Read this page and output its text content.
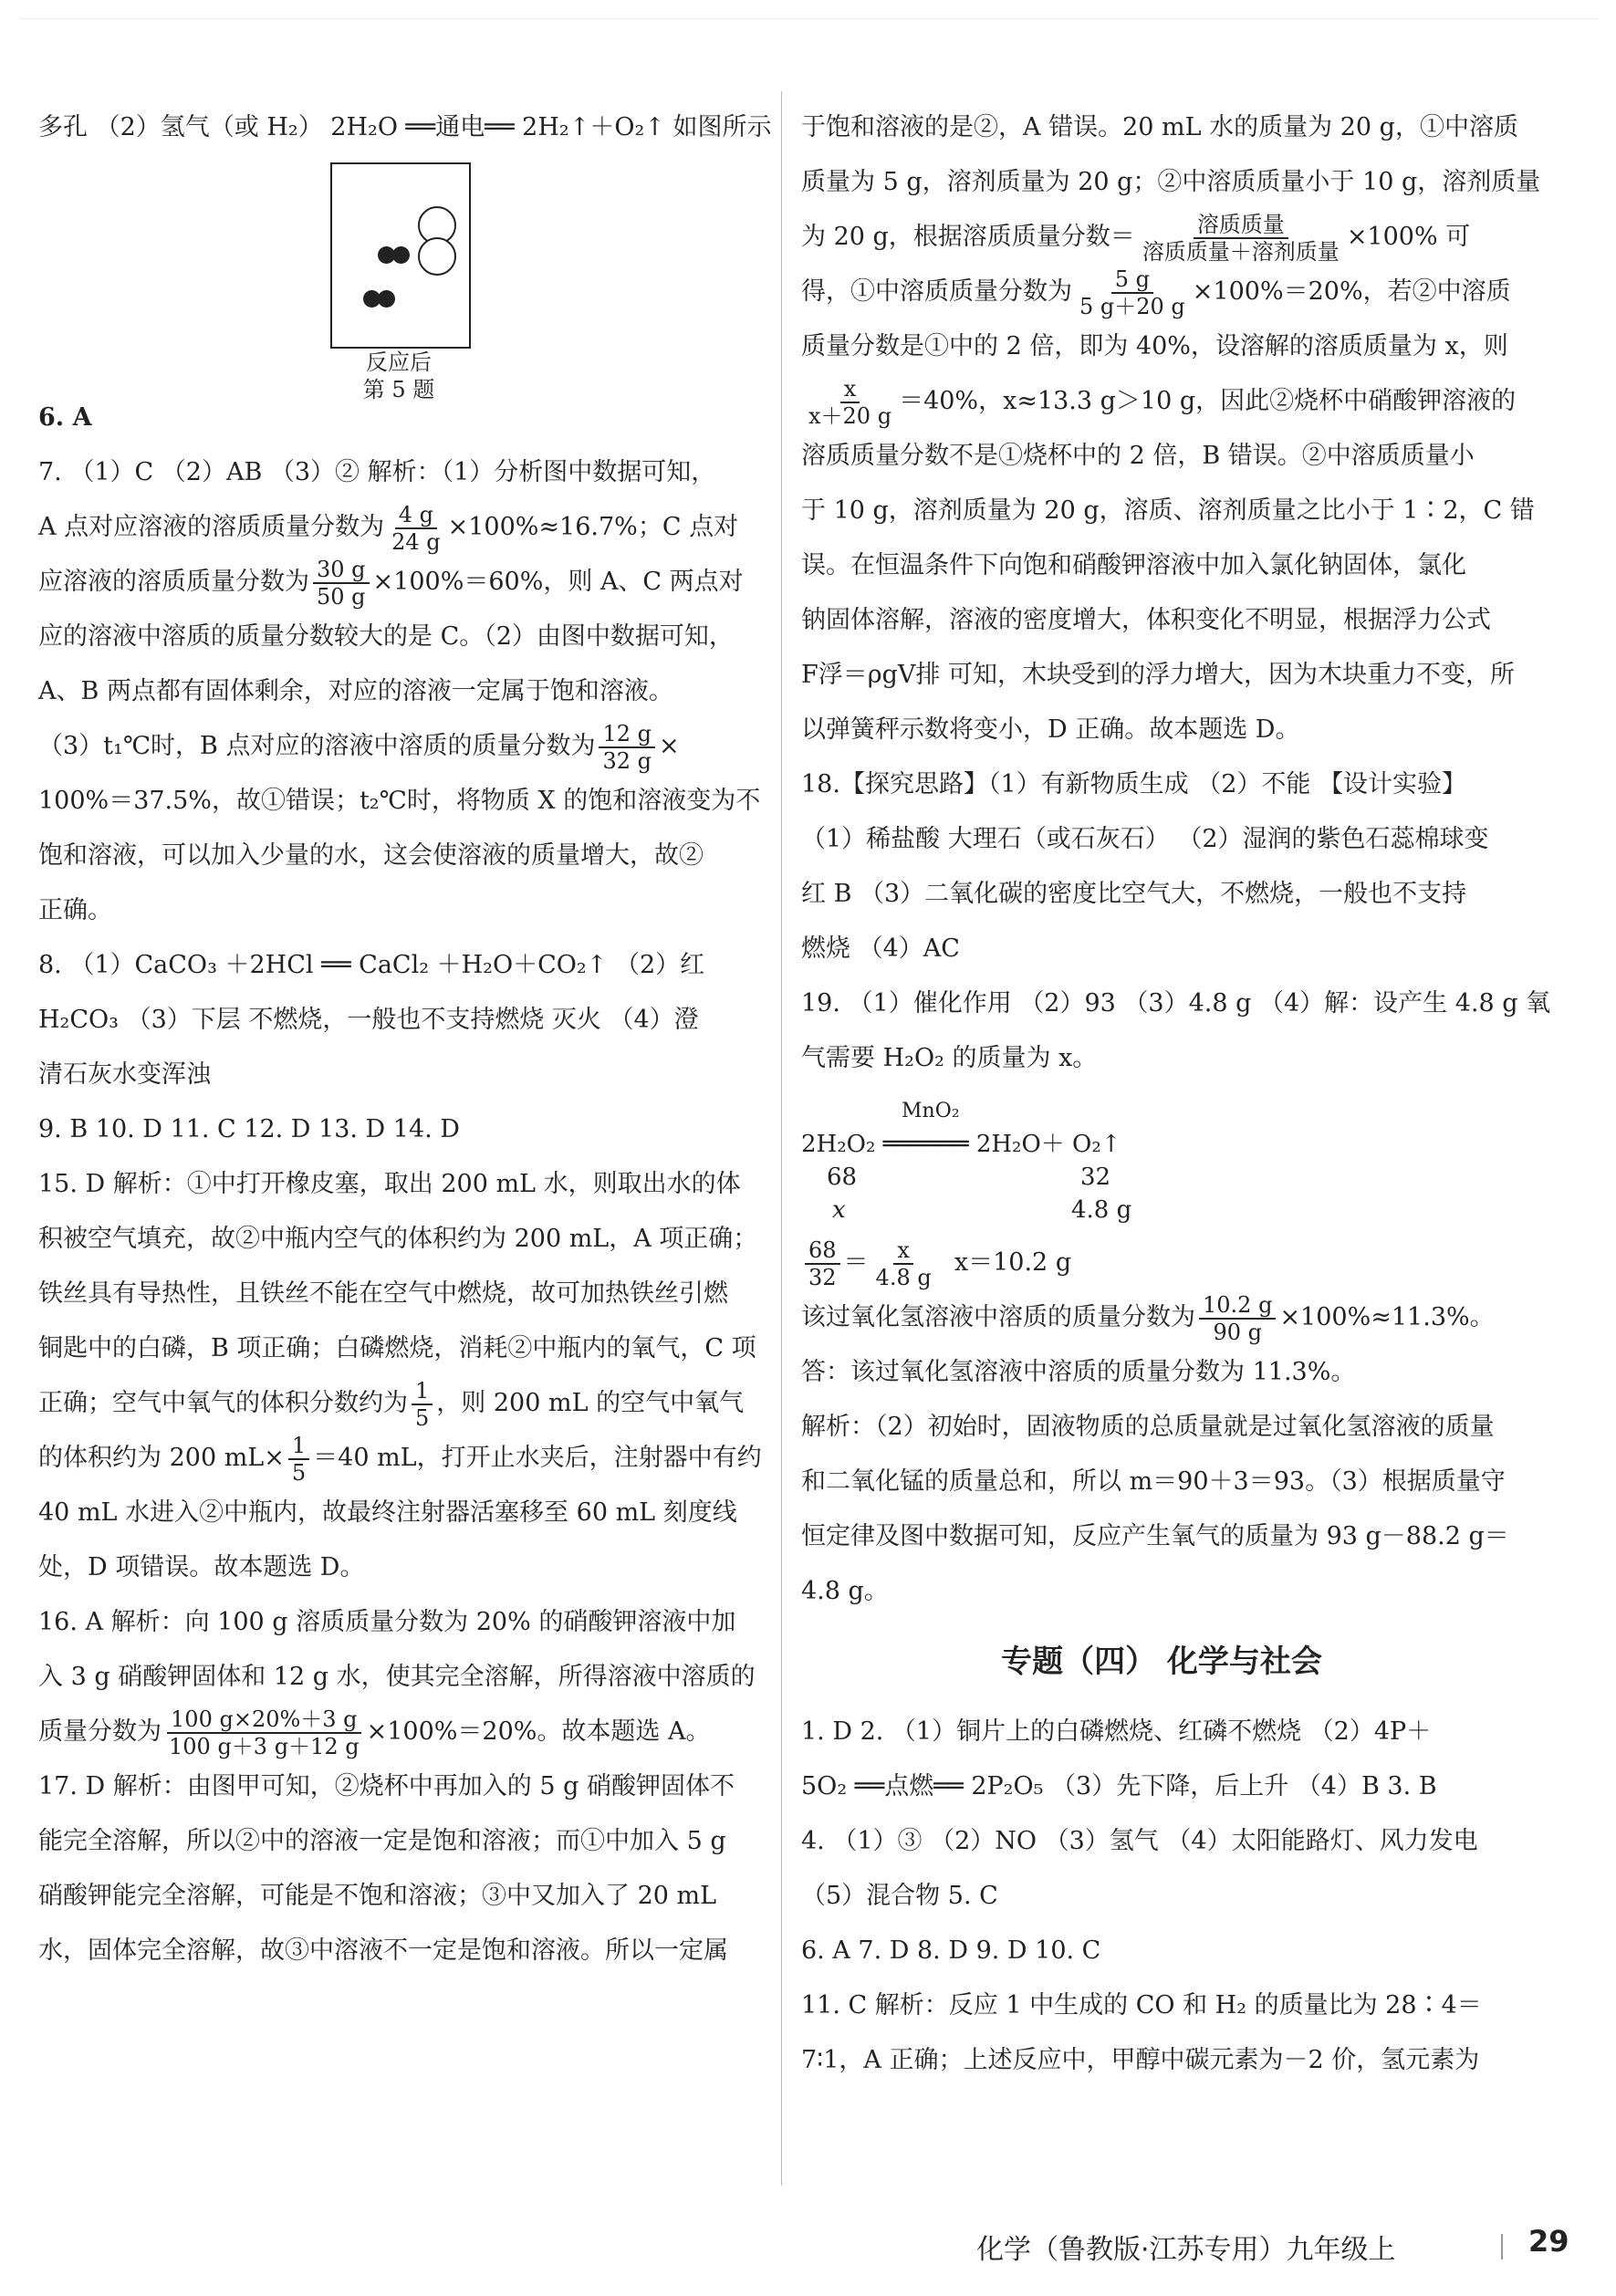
多孔 （2）氢气（或 H₂） 2H₂O ══通电══ 2H₂↑＋O₂↑ 如图所示

反应后
第 5 题

6. A

7. （1）C （2）AB （3）② 解析：（1）分析图中数据可知，

A 点对应溶液的溶质质量分数为 $\frac{4 g}{24 g} \times 100\%\approx 16.7\%$；C 点对

应溶液的溶质质量分数为 $\frac{30 g}{50 g} \times 100\%=60\%$，则 A、C 两点对

应的溶液中溶质的质量分数较大的是 C。（2）由图中数据可知，

A、B 两点都有固体剩余，对应的溶液一定属于饱和溶液。

（3）t₁℃时，B 点对应的溶液中溶质的质量分数为 $\frac{12 g}{32 g}$ ×

100%＝37.5%，故①错误；t₂℃时，将物质 X 的饱和溶液变为不

饱和溶液，可以加入少量的水，这会使溶液的质量增大，故②

正确。

8. （1）CaCO₃ ＋2HCl ══ CaCl₂ ＋H₂O＋CO₂↑ （2）红

H₂CO₃ （3）下层 不燃烧，一般也不支持燃烧 灭火 （4）澄

清石灰水变浑浊

9. B 10. D 11. C 12. D 13. D 14. D

15. D 解析：①中打开橡皮塞，取出 200 mL 水，则取出水的体

积被空气填充，故②中瓶内空气的体积约为 200 mL，A 项正确；

铁丝具有导热性，且铁丝不能在空气中燃烧，故可加热铁丝引燃

铜匙中的白磷，B 项正确；白磷燃烧，消耗②中瓶内的氧气，C 项

正确；空气中氧气的体积分数约为 $\frac{1}{5}$ ，则 200 mL 的空气中氧气

的体积约为 200 $mL\times \frac{1}{5} =40$ mL，打开止水夹后，注射器中有约

40 mL 水进入②中瓶内，故最终注射器活塞移至 60 mL 刻度线

处，D 项错误。故本题选 D。

16. A 解析：向 100 g 溶质质量分数为 20% 的硝酸钾溶液中加

入 3 g 硝酸钾固体和 12 g 水，使其完全溶解，所得溶液中溶质的

质量分数为 $\frac{100 g\times 20\%+3 g}{100 g+3 g+12 g} \times 100\%=20\%$。故本题选 A。

17. D 解析：由图甲可知，②烧杯中再加入的 5 g 硝酸钾固体不

能完全溶解，所以②中的溶液一定是饱和溶液；而①中加入 5 g

硝酸钾能完全溶解，可能是不饱和溶液；③中又加入了 20 mL

水，固体完全溶解，故③中溶液不一定是饱和溶液。所以一定属

于饱和溶液的是②，A 错误。20 mL 水的质量为 20 g，①中溶质

质量为 5 g，溶剂质量为 20 g；②中溶质质量小于 10 g，溶剂质量

为 20 g，根据溶质质量分数＝ $\frac{\text{溶质质量}}{\text{溶质质量＋溶剂质量}} \times 100\%$ 可

得，①中溶质质量分数为 $\frac{5 g}{5 g+20 g} \times 100\%=20\%$，若②中溶质

质量分数是①中的 2 倍，即为 40%，设溶解的溶质质量为 x，则

$\frac{x}{x+20 g} =40\%$，x≈13.3 g＞10 g，因此②烧杯中硝酸钾溶液的

溶质质量分数不是①烧杯中的 2 倍，B 错误。②中溶质质量小

于 10 g，溶剂质量为 20 g，溶质、溶剂质量之比小于 1∶2，C 错

误。在恒温条件下向饱和硝酸钾溶液中加入氯化钠固体，氯化

钠固体溶解，溶液的密度增大，体积变化不明显，根据浮力公式

F浮＝ρgV排 可知，木块受到的浮力增大，因为木块重力不变，所

以弹簧秤示数将变小，D 正确。故本题选 D。

18.【探究思路】（1）有新物质生成 （2）不能 【设计实验】

（1）稀盐酸 大理石（或石灰石） （2）湿润的紫色石蕊棉球变

红 B （3）二氧化碳的密度比空气大，不燃烧，一般也不支持

燃烧 （4）AC

19. （1）催化作用 （2）93 （3）4.8 g （4）解：设产生 4.8 g 氧

气需要 H₂O₂ 的质量为 x。

MnO₂
2H₂O₂ ══════ 2H₂O＋ O₂↑
68	32
x	4.8 g

$\frac{68}{32} = \frac{x}{4.8 g} x=10.2$ g

该过氧化氢溶液中溶质的质量分数为 $\frac{10.2 g}{90 g} \times 100\%\approx 11.3\%$。

答：该过氧化氢溶液中溶质的质量分数为 11.3%。

解析：（2）初始时，固液物质的总质量就是过氧化氢溶液的质量

和二氧化锰的质量总和，所以 m＝90＋3＝93。（3）根据质量守

恒定律及图中数据可知，反应产生氧气的质量为 93 g－88.2 g＝

4.8 g。

专题（四） 化学与社会

1. D 2. （1）铜片上的白磷燃烧、红磷不燃烧 （2）4P＋

5O₂ ══点燃══ 2P₂O₅ （3）先下降，后上升 （4）B 3. B

4. （1）③ （2）NO （3）氢气 （4）太阳能路灯、风力发电

（5）混合物 5. C

6. A 7. D 8. D 9. D 10. C

11. C 解析：反应 1 中生成的 CO 和 H₂ 的质量比为 28∶4＝

7∶1，A 正确；上述反应中，甲醇中碳元素为－2 价，氢元素为

化学（鲁教版·江苏专用）九年级上	29
